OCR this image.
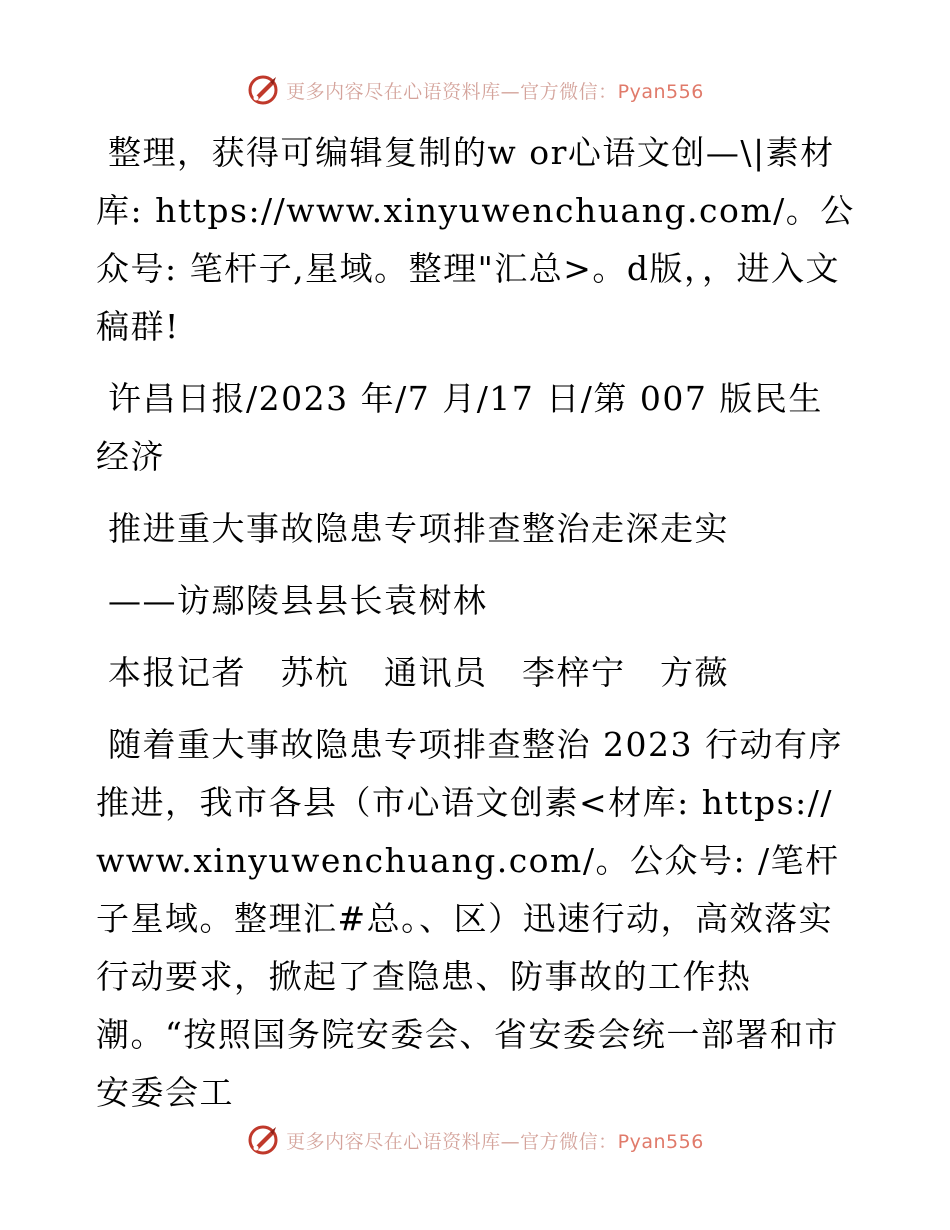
更多内容尽在心语资料库—官方微信：Pyan556

整理，获得可编辑复制的w or心语文创—\|素材库: https://www.xinyuwenchuang.com/。公众号: 笔杆子,星域。整理"汇总>。d版，，进入文稿群!

许昌日报/2023 年/7 月/17 日/第 007 版民生经济

推进重大事故隐患专项排查整治走深走实

——访鄢陵县县长袁树林

本报记者　苏杭　通讯员　李梓宁　方薇

随着重大事故隐患专项排查整治 2023 行动有序推进，我市各县（市心语文创素<材库: https://www.xinyuwenchuang.com/。公众号: /笔杆子星域。整理汇#总。、区）迅速行动，高效落实行动要求，掀起了查隐患、防事故的工作热潮。“按照国务院安委会、省安委会统一部署和市安委会工

更多内容尽在心语资料库—官方微信：Pyan556
